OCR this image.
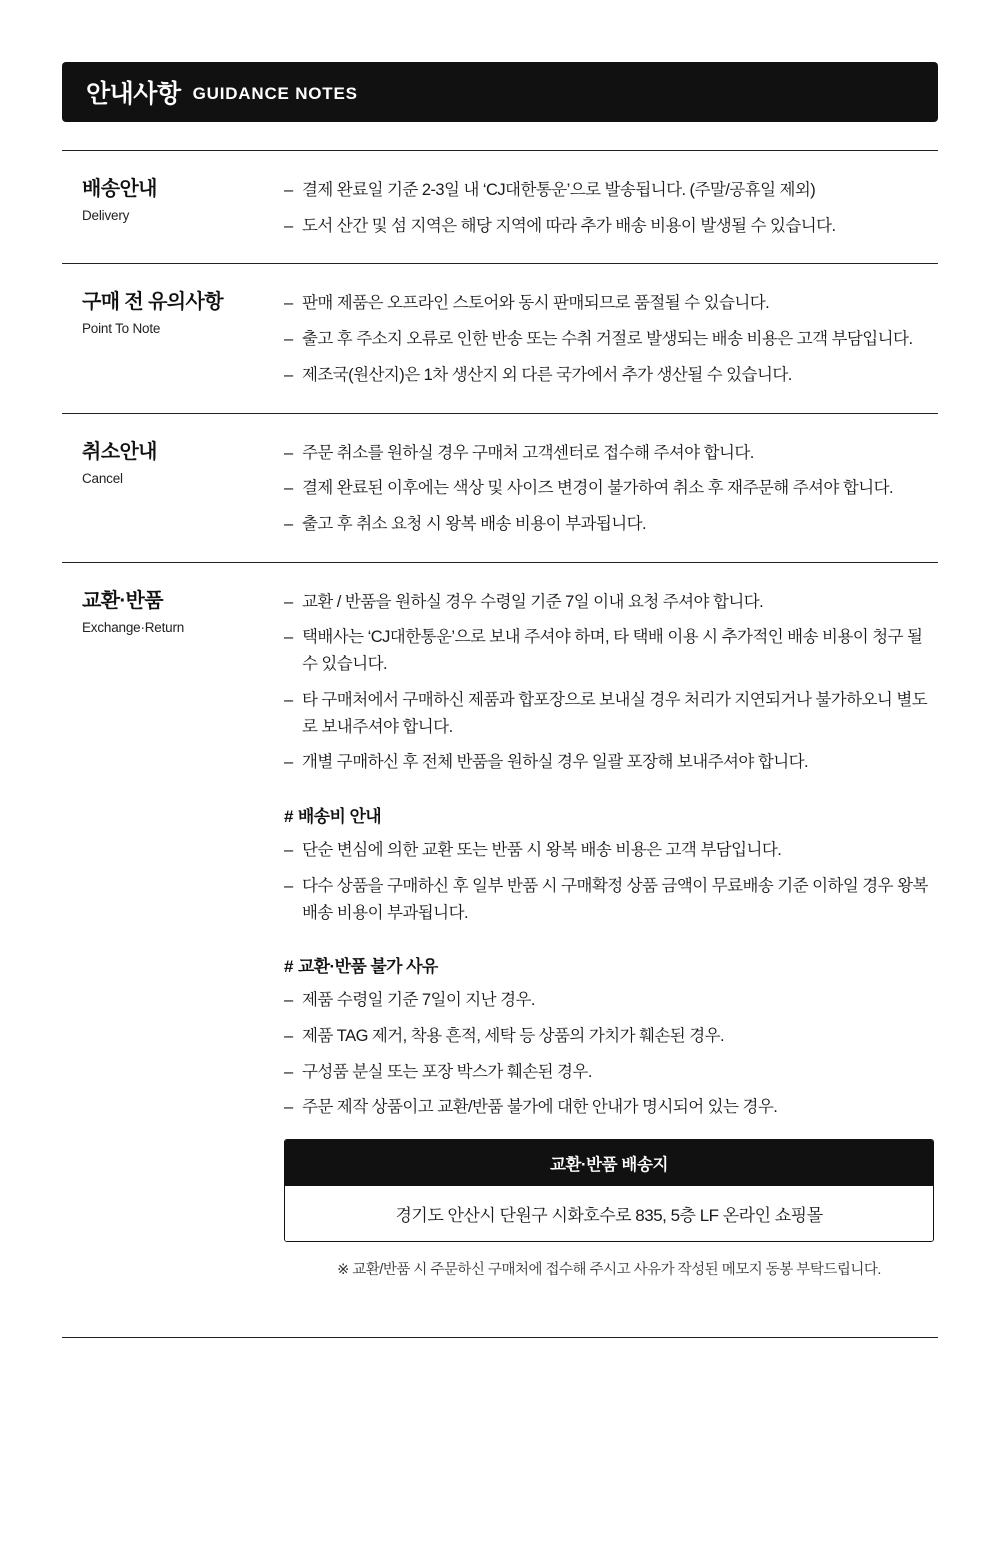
안내사항 GUIDANCE NOTES
배송안내
Delivery
– 결제 완료일 기준 2-3일 내 ‘CJ대한통운’으로 발송됩니다. (주말/공휴일 제외)
– 도서 산간 및 섬 지역은 해당 지역에 따라 추가 배송 비용이 발생될 수 있습니다.
구매 전 유의사항
Point To Note
– 판매 제품은 오프라인 스토어와 동시 판매되므로 품절될 수 있습니다.
– 출고 후 주소지 오류로 인한 반송 또는 수취 거절로 발생되는 배송 비용은 고객 부담입니다.
– 제조국(원산지)은 1차 생산지 외 다른 국가에서 추가 생산될 수 있습니다.
취소안내
Cancel
– 주문 취소를 원하실 경우 구매처 고객센터로 접수해 주셔야 합니다.
– 결제 완료된 이후에는 색상 및 사이즈 변경이 불가하여 취소 후 재주문해 주셔야 합니다.
– 출고 후 취소 요청 시 왕복 배송 비용이 부과됩니다.
교환·반품
Exchange·Return
– 교환 / 반품을 원하실 경우 수령일 기준 7일 이내 요청 주셔야 합니다.
– 택배사는 ‘CJ대한통운’으로 보내 주셔야 하며, 타 택배 이용 시 추가적인 배송 비용이 청구 될 수 있습니다.
– 타 구매처에서 구매하신 제품과 합포장으로 보내실 경우 처리가 지연되거나 불가하오니 별도로 보내주셔야 합니다.
– 개별 구매하신 후 전체 반품을 원하실 경우 일괄 포장해 보내주셔야 합니다.
# 배송비 안내
– 단순 변심에 의한 교환 또는 반품 시 왕복 배송 비용은 고객 부담입니다.
– 다수 상품을 구매하신 후 일부 반품 시 구매확정 상품 금액이 무료배송 기준 이하일 경우 왕복 배송 비용이 부과됩니다.
# 교환·반품 불가 사유
– 제품 수령일 기준 7일이 지난 경우.
– 제품 TAG 제거, 착용 흔적, 세탁 등 상품의 가치가 훼손된 경우.
– 구성품 분실 또는 포장 박스가 훼손된 경우.
– 주문 제작 상품이고 교환/반품 불가에 대한 안내가 명시되어 있는 경우.
교환·반품 배송지
경기도 안산시 단원구 시화호수로 835, 5층 LF 온라인 쇼핑몰
※ 교환/반품 시 주문하신 구매처에 접수해 주시고 사유가 작성된 메모지 동봉 부탁드립니다.
